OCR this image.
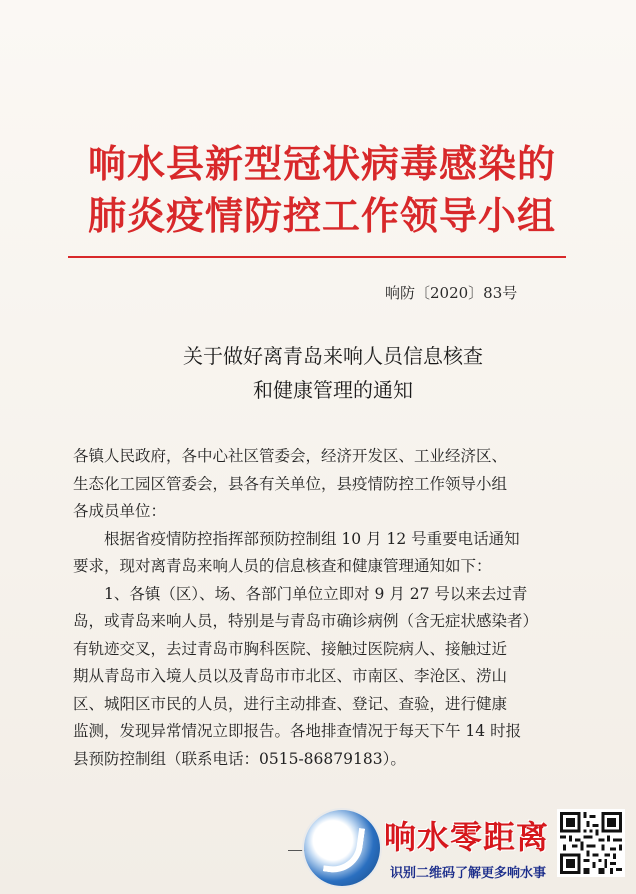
响水县新型冠状病毒感染的
肺炎疫情防控工作领导小组
响防〔2020〕83号
关于做好离青岛来响人员信息核查
和健康管理的通知

各镇人民政府，各中心社区管委会，经济开发区、工业经济区、
生态化工园区管委会，县各有关单位，县疫情防控工作领导小组
各成员单位：

根据省疫情防控指挥部预防控制组 10 月 12 号重要电话通知
要求，现对离青岛来响人员的信息核查和健康管理通知如下：

1、各镇（区）、场、各部门单位立即对 9 月 27 号以来去过青
岛，或青岛来响人员，特别是与青岛市确诊病例（含无症状感染者）
有轨迹交叉，去过青岛市胸科医院、接触过医院病人、接触过近
期从青岛市入境人员以及青岛市市北区、市南区、李沧区、涝山
区、城阳区市民的人员，进行主动排查、登记、查验，进行健康
监测，发现异常情况立即报告。各地排查情况于每天下午 14 时报
县预防控制组（联系电话：0515-86879183）。

响水零距离
识别二维码了解更多响水事
